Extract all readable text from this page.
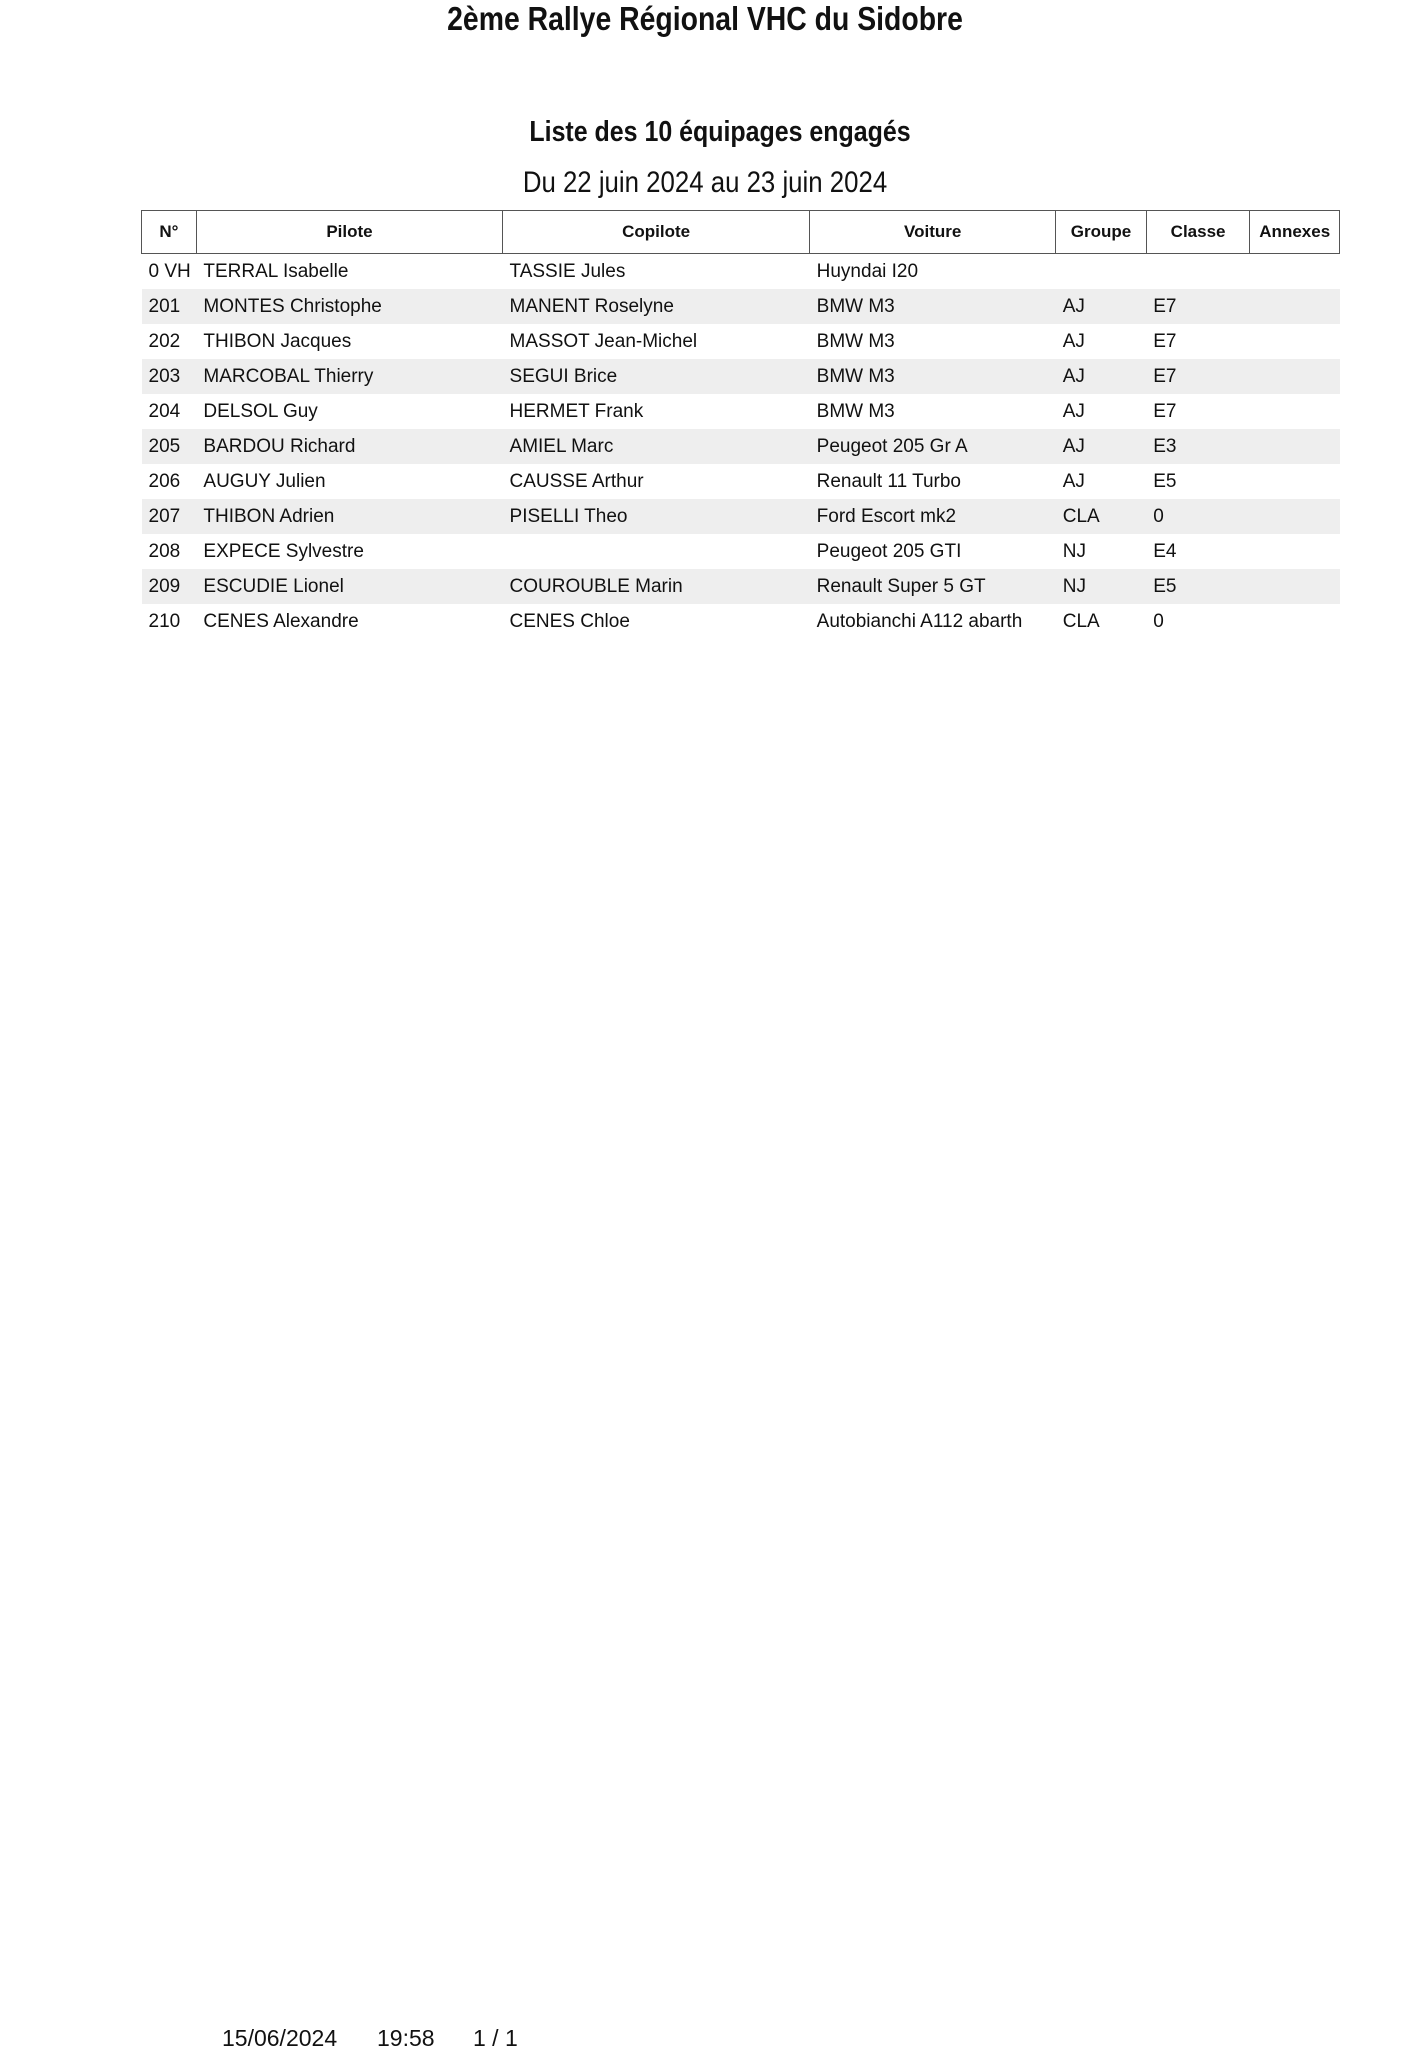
2ème Rallye Régional VHC du Sidobre
Liste des 10 équipages engagés
Du 22 juin 2024 au 23 juin 2024
N°	Pilote	Copilote	Voiture	Groupe	Classe	Annexes
0 VH	TERRAL Isabelle	TASSIE Jules	Huyndai I20			
201	MONTES Christophe	MANENT Roselyne	BMW M3	AJ	E7	
202	THIBON Jacques	MASSOT Jean-Michel	BMW M3	AJ	E7	
203	MARCOBAL Thierry	SEGUI Brice	BMW M3	AJ	E7	
204	DELSOL Guy	HERMET Frank	BMW M3	AJ	E7	
205	BARDOU Richard	AMIEL Marc	Peugeot 205 Gr A	AJ	E3	
206	AUGUY Julien	CAUSSE Arthur	Renault 11 Turbo	AJ	E5	
207	THIBON Adrien	PISELLI Theo	Ford Escort mk2	CLA	0	
208	EXPECE Sylvestre		Peugeot 205 GTI	NJ	E4	
209	ESCUDIE Lionel	COUROUBLE Marin	Renault Super 5 GT	NJ	E5	
210	CENES Alexandre	CENES Chloe	Autobianchi A112 abarth	CLA	0	
15/06/2024 19:58 1 / 1
